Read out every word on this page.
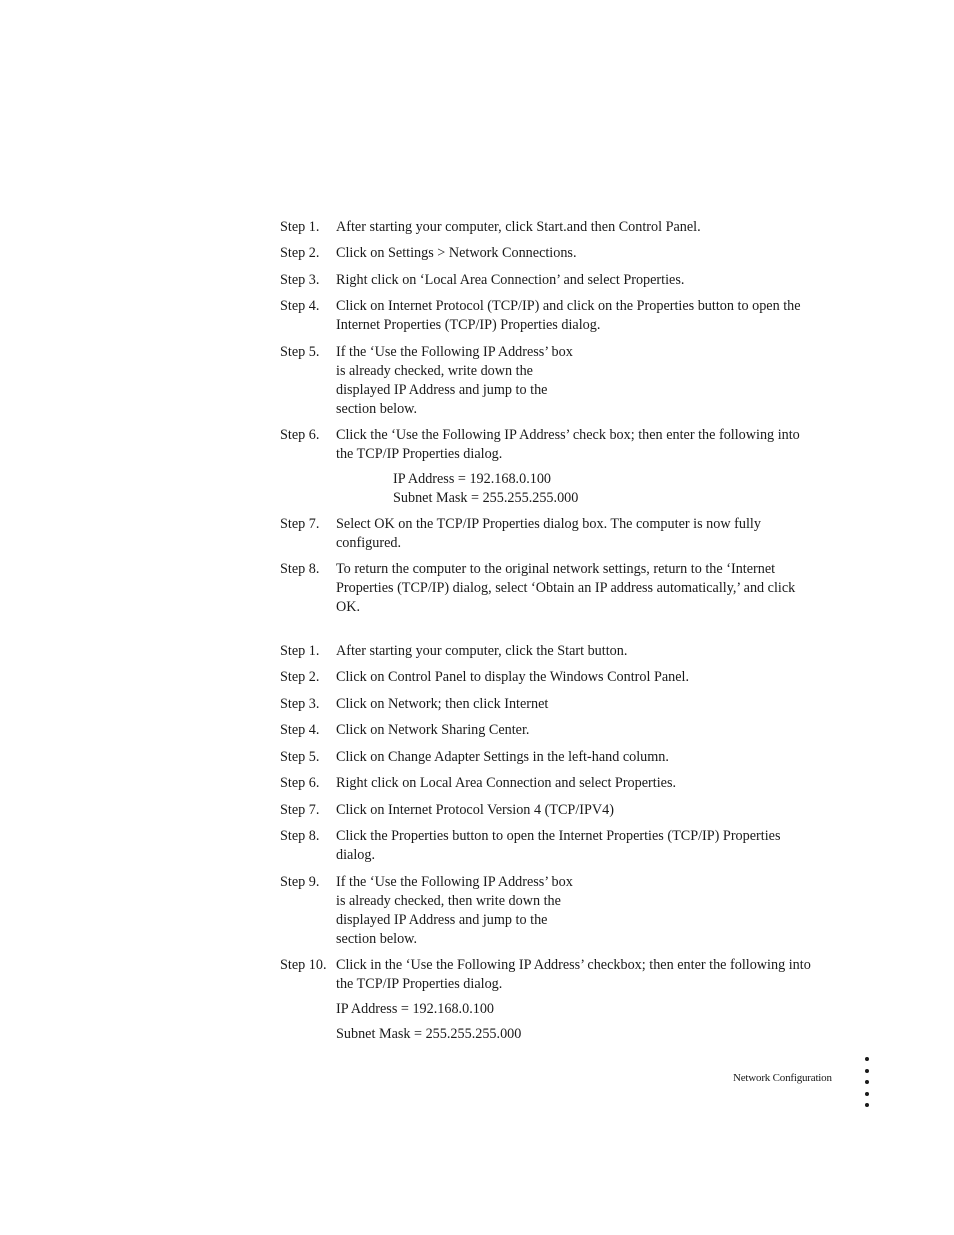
Step 1.	After starting your computer, click Start.and then Control Panel.
Step 2.	Click on Settings > Network Connections.
Step 3.	Right click on ‘Local Area Connection’ and select Properties.
Step 4.	Click on Internet Protocol (TCP/IP) and click on the Properties button to open the Internet Properties (TCP/IP) Properties dialog.
Step 5.	If the ‘Use the Following IP Address’ box is already checked, write down the displayed IP Address and jump to the
section below.
Step 6.	Click the ‘Use the Following IP Address’ check box; then enter the following into the TCP/IP Properties dialog.
IP Address = 192.168.0.100
Subnet Mask = 255.255.255.000
Step 7.	Select OK on the TCP/IP Properties dialog box. The computer is now fully configured.
Step 8.	To return the computer to the original network settings, return to the ‘Internet Properties (TCP/IP) dialog, select ‘Obtain an IP address automatically,’ and click OK.
Step 1.	After starting your computer, click the Start button.
Step 2.	Click on Control Panel to display the Windows Control Panel.
Step 3.	Click on Network; then click Internet
Step 4.	Click on Network Sharing Center.
Step 5.	Click on Change Adapter Settings in the left-hand column.
Step 6.	Right click on Local Area Connection and select Properties.
Step 7.	Click on Internet Protocol Version 4 (TCP/IPV4)
Step 8.	Click the Properties button to open the Internet Properties (TCP/IP) Properties dialog.
Step 9.	If the ‘Use the Following IP Address’ box is already checked, then write down the displayed IP Address and jump to the
section below.
Step 10. Click in the ‘Use the Following IP Address’ checkbox; then enter the following into the TCP/IP Properties dialog.
IP Address = 192.168.0.100
Subnet Mask = 255.255.255.000
Network Configuration
